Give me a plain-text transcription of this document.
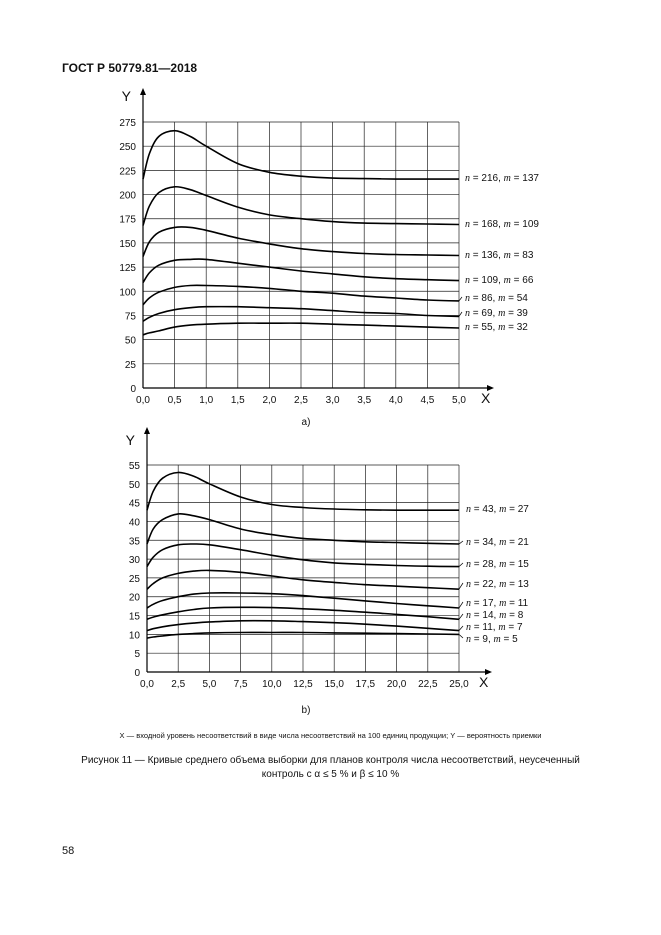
ГОСТ Р 50779.81—2018
0,0 0,5 1,0 1,5 2,0 2,5 3,0 3,5 4,0 4,5 5,0
0
25
50
75
100
125
150
175
200
225
250
275
Y
X
a)
n = 216, m = 137
n = 168, m = 109
n = 136, m = 83
n = 109, m = 66
n = 86, m = 54
n = 69, m = 39
n = 55, m = 32
0,0 2,5 5,0 7,5 10,0 12,5 15,0 17,5 20,0 22,5 25,0
0
5
10
15
20
25
30
35
40
45
50
55
Y
X
b)
n = 43, m = 27
n = 34, m = 21
n = 28, m = 15
n = 22, m = 13
n = 17, m = 11
n = 14, m = 8
n = 11, m = 7
n = 9, m = 5
X — входной уровень несоответствий в виде числа несоответствий на 100 единиц продукции; Y — вероятность приемки
Рисунок 11 — Кривые среднего объема выборки для планов контроля числа несоответствий, неусеченный
контроль с α ≤ 5 % и β ≤ 10 %
58
